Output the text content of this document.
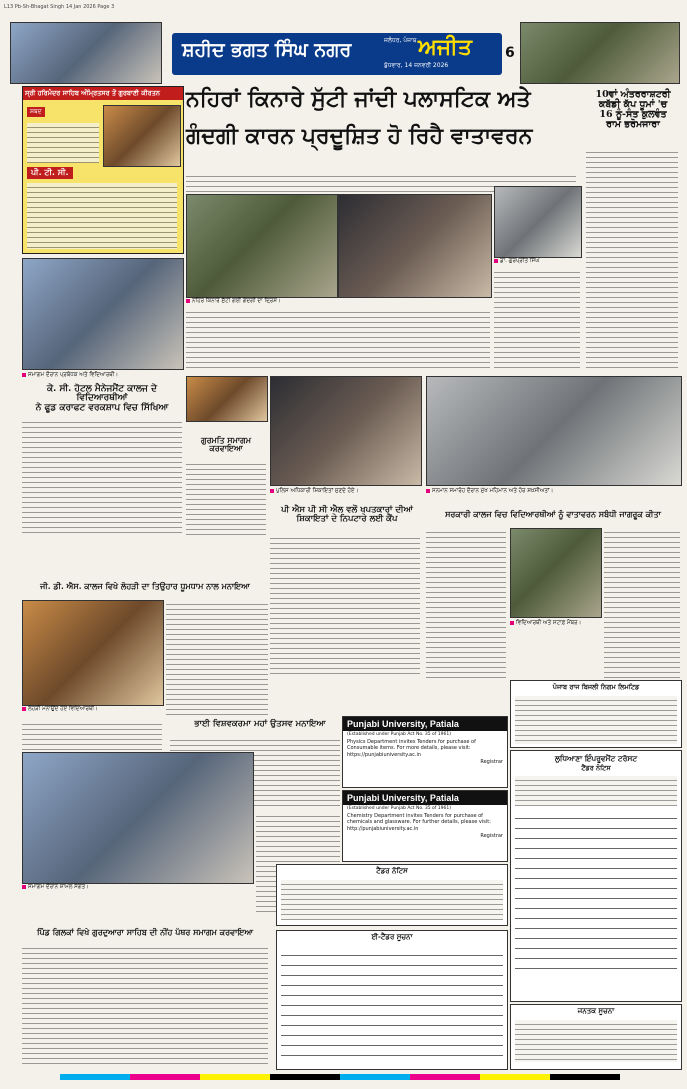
L13 Pb-Sh-Bhagat Singh 14 Jan 2026 Page 3
ਸ਼ਹੀਦ ਭਗਤ ਸਿੰਘ ਨਗਰ	ਜਲੰਧਰ, ਪੰਜਾਬ ਅਜੀਤ
ਬੁੱਧਵਾਰ, 14 ਜਨਵਰੀ 2026
6
ਸ੍ਰੀ ਹਰਿਮੰਦਰ ਸਾਹਿਬ ਅੰਮ੍ਰਿਤਸਰ ਤੋਂ ਗੁਰਬਾਣੀ ਕੀਰਤਨ
ਸ਼ਬਦ
ਪੀ. ਟੀ. ਸੀ.
ਨਹਿਰਾਂ ਕਿਨਾਰੇ ਸੁੱਟੀ ਜਾਂਦੀ ਪਲਾਸਟਿਕ ਅਤੇ
ਗੰਦਗੀ ਕਾਰਨ ਪ੍ਰਦੂਸ਼ਿਤ ਹੋ ਰਿਹੈ ਵਾਤਾਵਰਨ
ਨਹਿਰ ਕਿਨਾਰੇ ਸੁੱਟੀ ਗਈ ਗੰਦਗੀ ਦਾ ਦ੍ਰਿਸ਼।
ਡਾ. ਗੁਰਪ੍ਰੀਤ ਸਿੰਘ
10ਵਾਂ ਅੰਤਰਰਾਸ਼ਟਰੀ
ਕਬੱਡੀ ਕੱਪ ਧੂਮਾਂ 'ਚ
16 ਨੂੰ-ਸੰਤ ਕੁਲਵੰਤ
ਰਾਮ ਭਰੋਮਜਾਰਾ
ਸਮਾਗਮ ਦੌਰਾਨ ਪ੍ਰਬੰਧਕ ਅਤੇ ਵਿਦਿਆਰਥੀ।
ਕੇ. ਸੀ. ਹੋਟਲ ਮੈਨੇਜਮੈਂਟ ਕਾਲਜ ਦੇ ਵਿਦਿਆਰਥੀਆਂ
ਨੇ ਫੂਡ ਕਰਾਫਟ ਵਰਕਸ਼ਾਪ ਵਿਚ ਸਿੱਖਿਆ
ਗੁਰਮਤਿ ਸਮਾਗਮ
ਕਰਵਾਇਆ
ਪੁਲਿਸ ਅਧਿਕਾਰੀ ਸ਼ਿਕਾਇਤਾਂ ਸੁਣਦੇ ਹੋਏ।	ਸਨਮਾਨ ਸਮਾਰੋਹ ਦੌਰਾਨ ਮੁੱਖ ਮਹਿਮਾਨ ਅਤੇ ਹੋਰ ਸ਼ਖ਼ਸੀਅਤਾਂ।
ਪੀ ਐਸ ਪੀ ਸੀ ਐਲ ਵਲੋਂ ਖਪਤਕਾਰਾਂ ਦੀਆਂ
ਸ਼ਿਕਾਇਤਾਂ ਦੇ ਨਿਪਟਾਰੇ ਲਈ ਕੈਂਪ	ਸਰਕਾਰੀ ਕਾਲਜ ਵਿਚ ਵਿਦਿਆਰਥੀਆਂ ਨੂੰ ਵਾਤਾਵਰਨ ਸਬੰਧੀ ਜਾਗਰੂਕ ਕੀਤਾ
ਵਿਦਿਆਰਥੀ ਅਤੇ ਸਟਾਫ਼ ਮੈਂਬਰ।
ਜੀ. ਡੀ. ਐਸ. ਕਾਲਜ ਵਿਖੇ ਲੋਹੜੀ ਦਾ ਤਿਉਹਾਰ ਧੂਮਧਾਮ ਨਾਲ ਮਨਾਇਆ
ਲੋਹੜੀ ਮਨਾਉਂਦੇ ਹੋਏ ਵਿਦਿਆਰਥੀ।
ਭਾਈ ਵਿਸ਼ਵਕਰਮਾ ਮਹਾਂ ਉਤਸਵ ਮਨਾਇਆ
ਸਮਾਗਮ ਦੌਰਾਨ ਸ਼ਾਮਲ ਸੰਗਤ।
ਪਿੰਡ ਗਿਲਕਾਂ ਵਿਖੇ ਗੁਰਦੁਆਰਾ ਸਾਹਿਬ ਦੀ ਨੀਂਹ ਪੱਥਰ ਸਮਾਗਮ ਕਰਵਾਇਆ
Punjabi University, Patiala
(Established under Punjab Act No. 35 of 1961)
Physics Department invites Tenders for purchase of Consumable items. For more details, please visit: https://punjabiuniversity.ac.in
Registrar
Punjabi University, Patiala
(Established under Punjab Act No. 35 of 1961)
Chemistry Department invites Tenders for purchase of chemicals and glassware. For further details, please visit: http://punjabiuniversity.ac.in
Registrar
ਟੈਂਡਰ ਨੋਟਿਸ
ਈ-ਟੈਂਡਰ ਸੂਚਨਾ
ਪੰਜਾਬ ਰਾਜ ਬਿਜਲੀ ਨਿਗਮ ਲਿਮਟਿਡ
ਲੁਧਿਆਣਾ ਇੰਪਰੂਵਮੈਂਟ ਟਰੱਸਟ
ਟੈਂਡਰ ਨੋਟਿਸ
ਜਨਤਕ ਸੂਚਨਾ
